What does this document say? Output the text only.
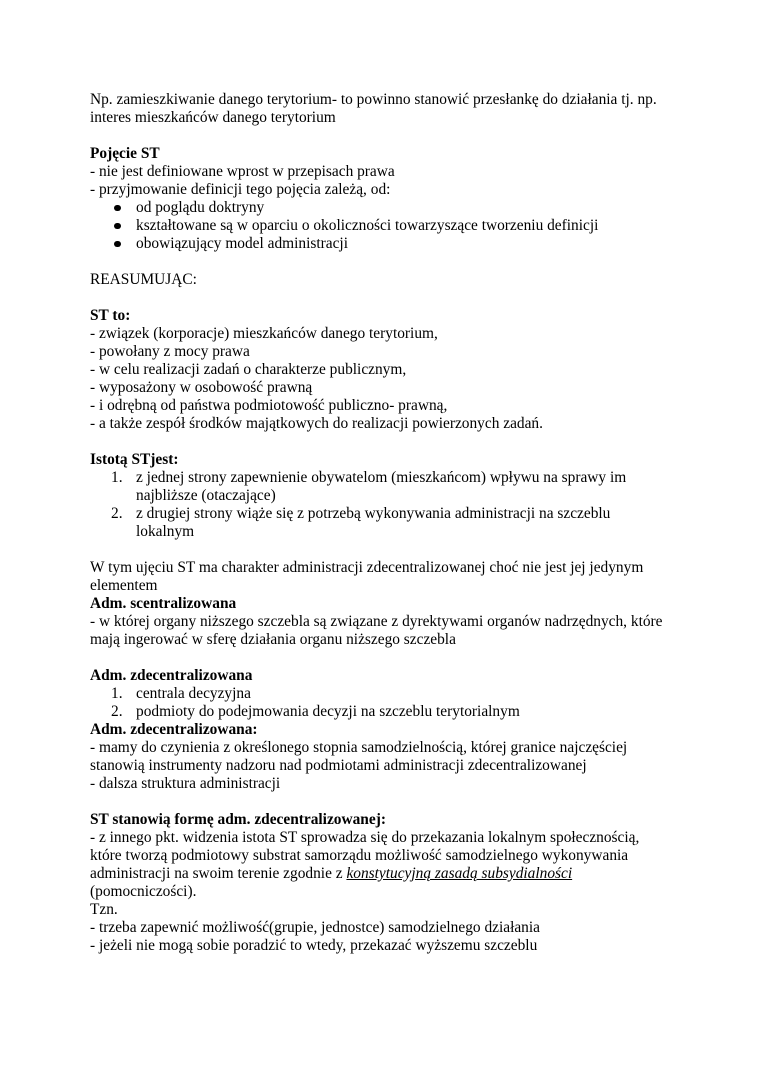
Np. zamieszkiwanie danego terytorium- to powinno stanowić przesłankę do działania tj. np.

interes mieszkańców danego terytorium

Pojęcie ST

- nie jest definiowane wprost w przepisach prawa

- przyjmowanie definicji tego pojęcia zależą, od:

od poglądu doktryny
kształtowane są w oparciu o okoliczności towarzyszące tworzeniu definicji
obowiązujący model administracji

REASUMUJĄC:

ST to:

- związek (korporacje) mieszkańców danego terytorium,

- powołany z mocy prawa

- w celu realizacji zadań o charakterze publicznym,

- wyposażony w osobowość prawną

- i odrębną od państwa podmiotowość publiczno- prawną,

- a także zespół środków majątkowych do realizacji powierzonych zadań.

Istotą STjest:

1. z jednej strony zapewnienie obywatelom (mieszkańcom) wpływu na sprawy im

najbliższe (otaczające)

2. z drugiej strony wiąże się z potrzebą wykonywania administracji na szczeblu

lokalnym

W tym ujęciu ST ma charakter administracji zdecentralizowanej choć nie jest jej jedynym

elementem

Adm. scentralizowana

- w której organy niższego szczebla są związane z dyrektywami organów nadrzędnych, które

mają ingerować w sferę działania organu niższego szczebla

Adm. zdecentralizowana

1. centrala decyzyjna

2. podmioty do podejmowania decyzji na szczeblu terytorialnym

Adm. zdecentralizowana:

- mamy do czynienia z określonego stopnia samodzielnością, której granice najczęściej

stanowią instrumenty nadzoru nad podmiotami administracji zdecentralizowanej

- dalsza struktura administracji

ST stanowią formę adm. zdecentralizowanej:

- z innego pkt. widzenia istota ST sprowadza się do przekazania lokalnym społecznością,

które tworzą podmiotowy substrat samorządu możliwość samodzielnego wykonywania

administracji na swoim terenie zgodnie z konstytucyjną zasadą subsydialności

(pomocniczości).

Tzn.

- trzeba zapewnić możliwość(grupie, jednostce) samodzielnego działania

- jeżeli nie mogą sobie poradzić to wtedy, przekazać wyższemu szczeblu
